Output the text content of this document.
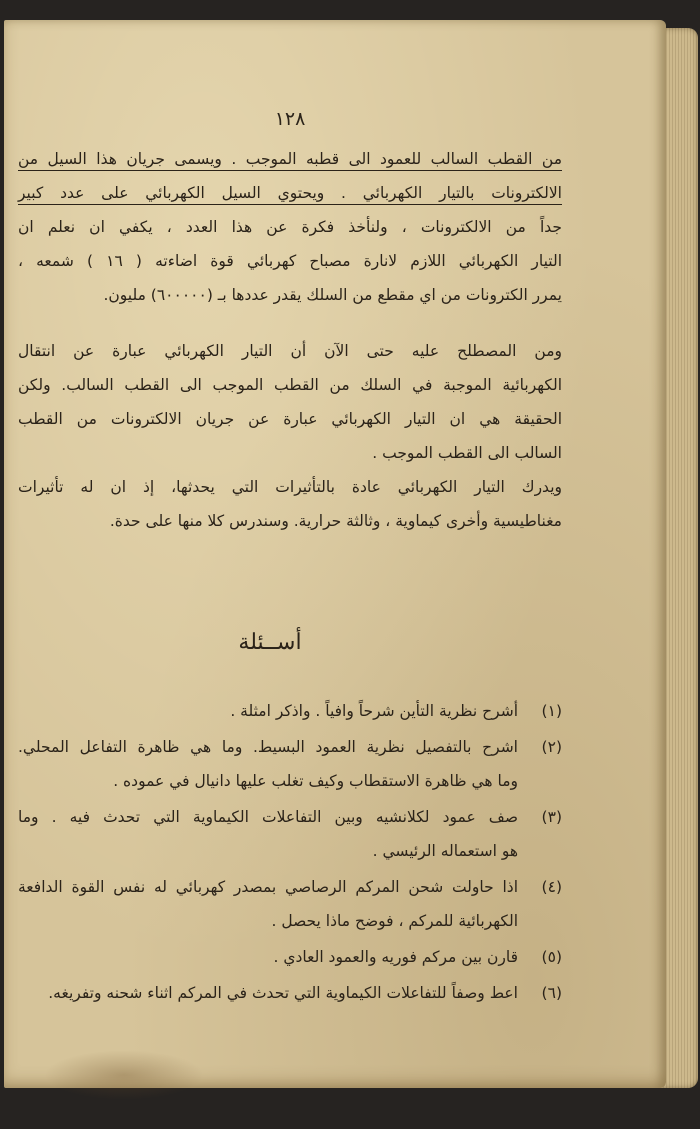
١٢٨
من القطب السالب للعمود الى قطبه الموجب . ويسمى جريان هذا السيل من
الالكترونات بالتيار الكهربائي . ويحتوي السيل الكهربائي على عدد كبير
جداً من الالكترونات ، ولنأخذ فكرة عن هذا العدد ، يكفي ان نعلم ان
التيار الكهربائي اللازم لانارة مصباح كهربائي قوة اضاءته ( ١٦ ) شمعه ،
يمرر الكترونات من اي مقطع من السلك يقدر عددها بـ (٦٠٠٠٠٠) مليون.
ومن المصطلح عليه حتى الآن أن التيار الكهربائي عبارة عن انتقال
الكهربائية الموجبة في السلك من القطب الموجب الى القطب السالب. ولكن
الحقيقة هي ان التيار الكهربائي عبارة عن جريان الالكترونات من القطب
السالب الى القطب الموجب .
ويدرك التيار الكهربائي عادة بالتأثيرات التي يحدثها، إذ ان له تأثيرات
مغناطيسية وأخرى كيماوية ، وثالثة حرارية. وسندرس كلا منها على حدة.
أســئلة
(١)
أشرح نظرية التأين شرحاً وافياً . واذكر امثلة .
(٢)
اشرح بالتفصيل نظرية العمود البسيط. وما هي ظاهرة التفاعل المحلي.
وما هي ظاهرة الاستقطاب وكيف تغلب عليها دانيال في عموده .
(٣)
صف عمود لكلانشيه وبين التفاعلات الكيماوية التي تحدث فيه . وما
هو استعماله الرئيسي .
(٤)
اذا حاولت شحن المركم الرصاصي بمصدر كهربائي له نفس القوة الدافعة
الكهربائية للمركم ، فوضح ماذا يحصل .
(٥)
قارن بين مركم فوريه والعمود العادي .
(٦)
اعط وصفاً للتفاعلات الكيماوية التي تحدث في المركم اثناء شحنه وتفريغه.
